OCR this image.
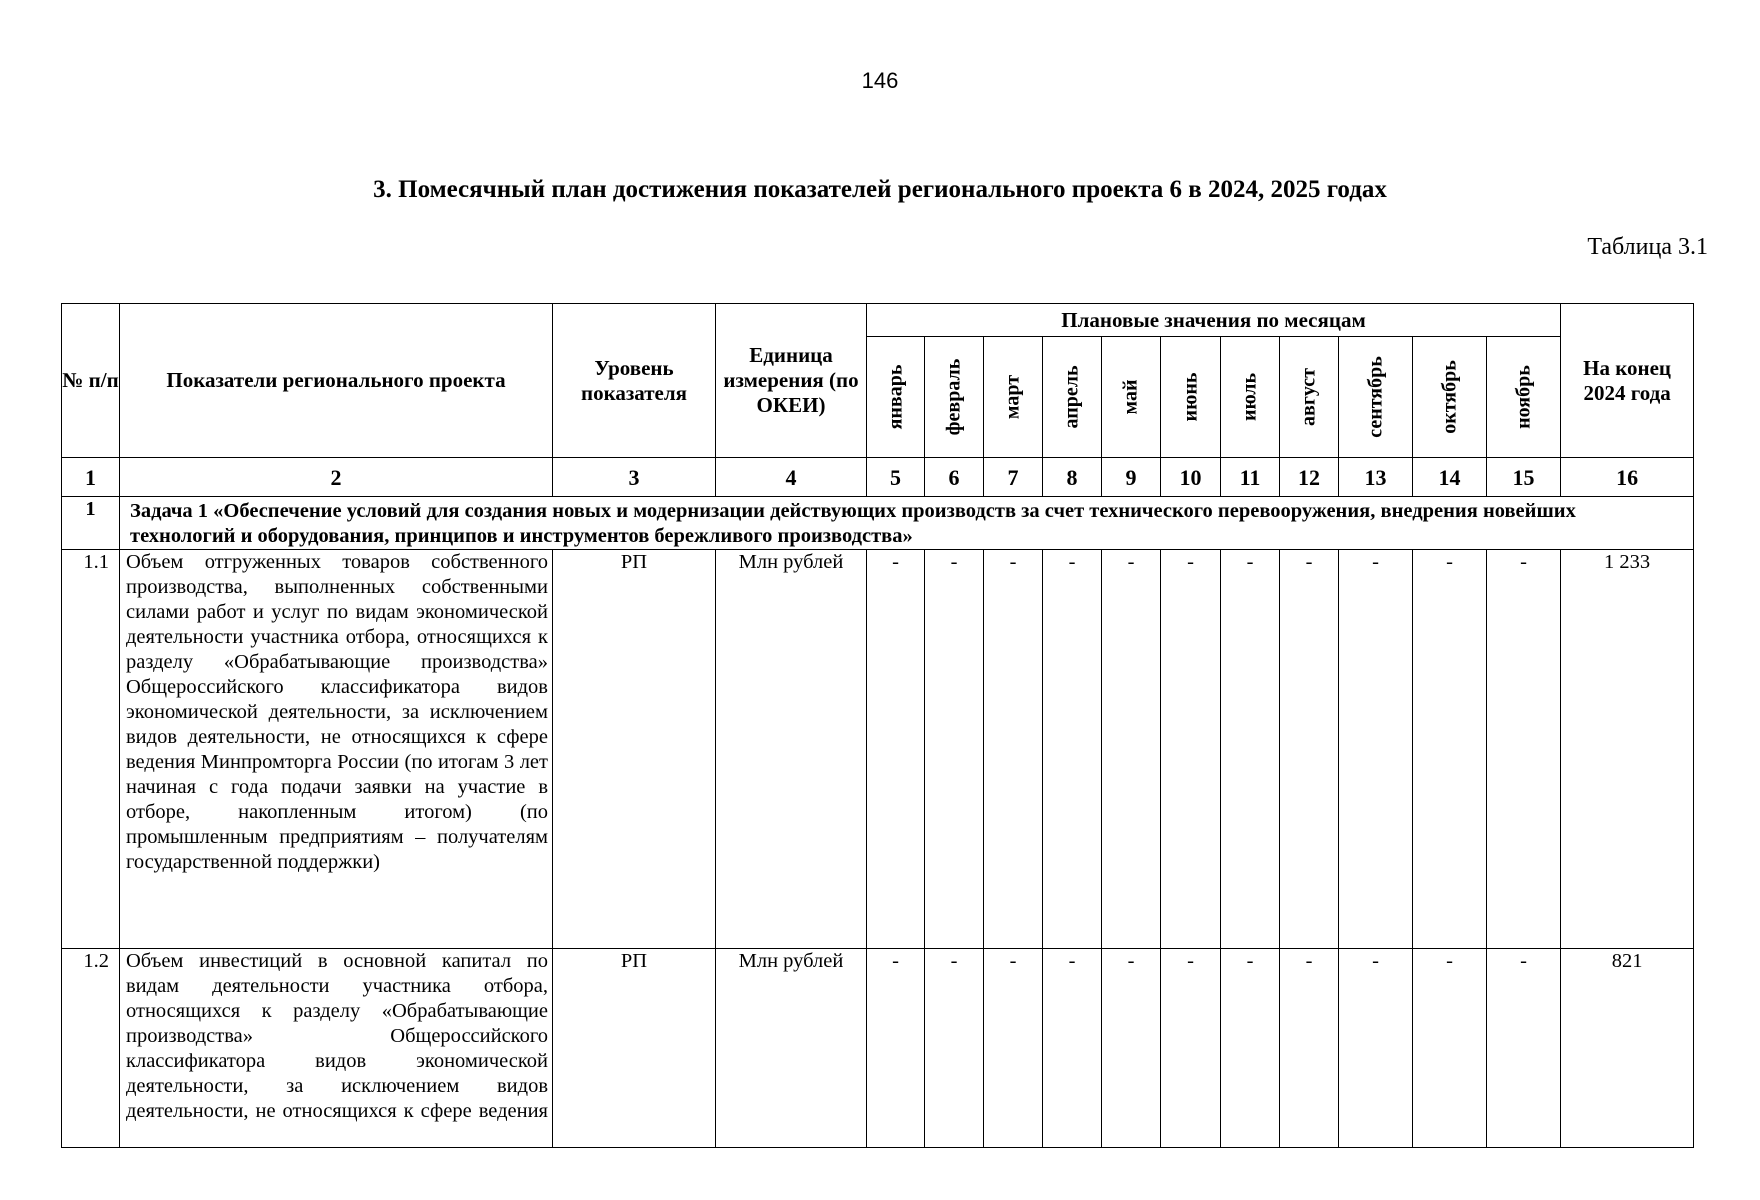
146
3. Помесячный план достижения показателей регионального проекта 6 в 2024, 2025 годах
Таблица 3.1
№ п/п	Показатели регионального проекта	Уровень показателя	Единица измерения (по ОКЕИ)	Плановые значения по месяцам											На конец 2024 года

				январь	февраль	март	апрель	май	июнь	июль	август	сентябрь	октябрь	ноябрь	

1	2	3	4	5	6	7	8	9	10	11	12	13	14	15	16
1	Задача 1 «Обеспечение условий для создания новых и модернизации действующих производств за счет технического перевооружения, внедрения новейших технологий и оборудования, принципов и инструментов бережливого производства»														
1.1	Объем отгруженных товаров собственного производства, выполненных собственными силами работ и услуг по видам экономической деятельности участника отбора, относящихся к разделу «Обрабатывающие производства» Общероссийского классификатора видов экономической деятельности, за исключением видов деятельности, не относящихся к сфере ведения Минпромторга России (по итогам 3 лет начиная с года подачи заявки на участие в отборе, накопленным итогом) (по промышленным предприятиям – получателям государственной поддержки)	РП	Млн рублей	-	-	-	-	-	-	-	-	-	-	-	1 233
1.2	Объем инвестиций в основной капитал по видам деятельности участника отбора, относящихся к разделу «Обрабатывающие производства» Общероссийского классификатора видов экономической деятельности, за исключением видов деятельности, не относящихся к сфере ведения	РП	Млн рублей	-	-	-	-	-	-	-	-	-	-	-	821
